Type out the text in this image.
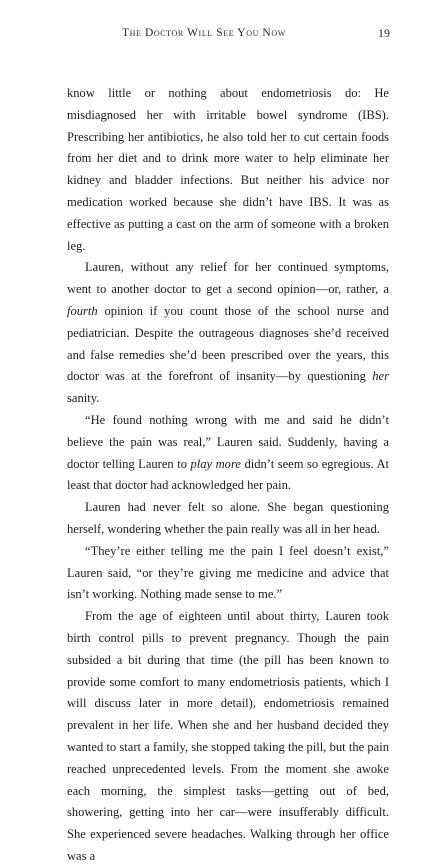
The Doctor Will See You Now	19

know little or nothing about endometriosis do: He misdiagnosed her with irritable bowel syndrome (IBS). Prescribing her antibiotics, he also told her to cut certain foods from her diet and to drink more water to help eliminate her kidney and bladder infections. But neither his advice nor medication worked because she didn’t have IBS. It was as effective as putting a cast on the arm of someone with a broken leg.

Lauren, without any relief for her continued symptoms, went to another doctor to get a second opinion—or, rather, a fourth opinion if you count those of the school nurse and pediatrician. Despite the outrageous diagnoses she’d received and false remedies she’d been prescribed over the years, this doctor was at the forefront of insanity—by questioning her sanity.

“He found nothing wrong with me and said he didn’t believe the pain was real,” Lauren said. Suddenly, having a doctor telling Lauren to play more didn’t seem so egregious. At least that doctor had acknowledged her pain.

Lauren had never felt so alone. She began questioning herself, wondering whether the pain really was all in her head.

“They’re either telling me the pain I feel doesn’t exist,” Lauren said, “or they’re giving me medicine and advice that isn’t working. Nothing made sense to me.”

From the age of eighteen until about thirty, Lauren took birth control pills to prevent pregnancy. Though the pain subsided a bit during that time (the pill has been known to provide some comfort to many endometriosis patients, which I will discuss later in more detail), endometriosis remained prevalent in her life. When she and her husband decided they wanted to start a family, she stopped taking the pill, but the pain reached unprecedented levels. From the moment she awoke each morning, the simplest tasks—getting out of bed, showering, getting into her car—were insufferably difficult. She experienced severe headaches. Walking through her office was a
